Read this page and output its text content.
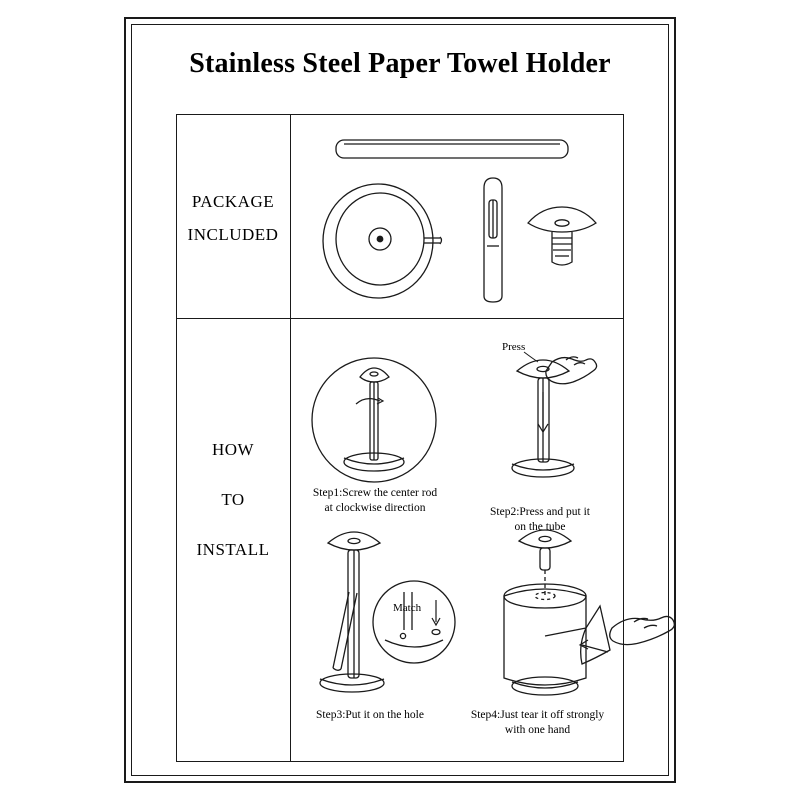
Stainless Steel Paper Towel Holder
PACKAGE
INCLUDED
HOW
TO
INSTALL
Press
Match
Step1:Screw the center rod
at clockwise direction	Step2:Press and put it
on the tube
Step3:Put it on the hole	Step4:Just tear it off strongly
with one hand
